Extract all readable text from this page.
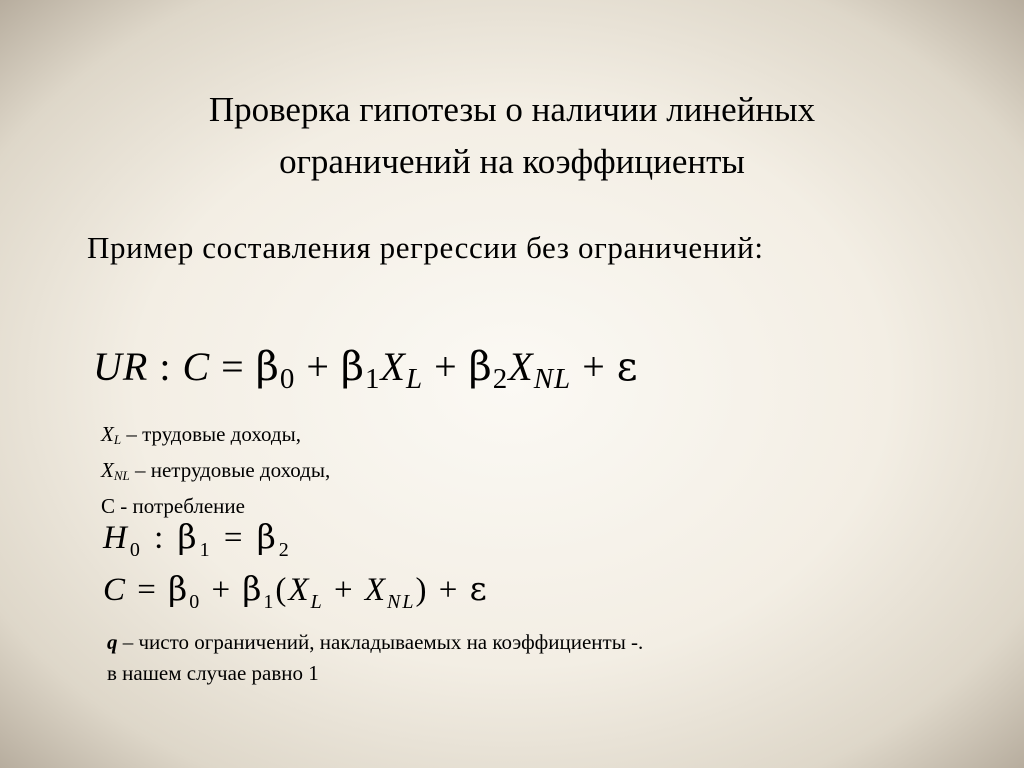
Проверка гипотезы о наличии линейных
ограничений на коэффициенты
Пример составления регрессии без ограничений:
UR : $C = \beta_0 + \beta_1X_L + \beta_2X_{NL} + \varepsilon$
XL – трудовые доходы,
XNL – нетрудовые доходы,
С - потребление
$H_0$ : $\beta_1 = \beta_2$
$C = \beta_0 + \beta_1(X_L + X_{NL}) + \varepsilon$
q – чисто ограничений, накладываемых на коэффициенты -.
в нашем случае равно 1
